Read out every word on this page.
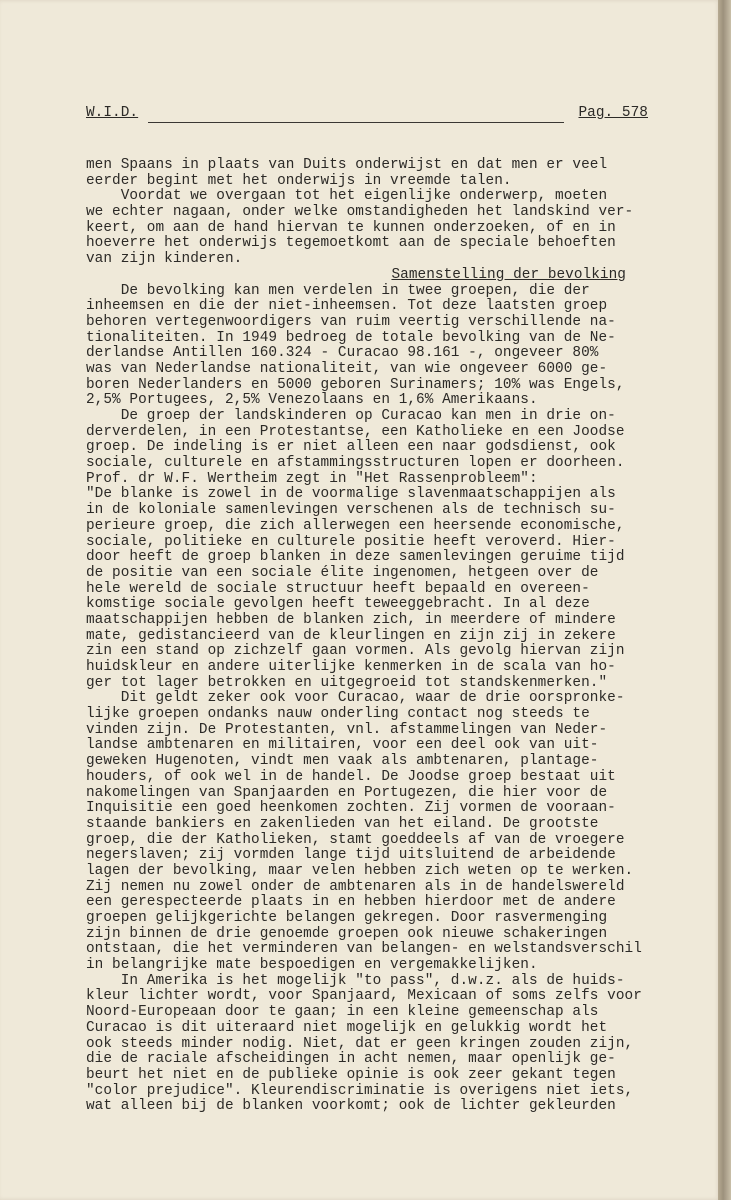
W.I.D.	Pag. 578
men Spaans in plaats van Duits onderwijst en dat men er veel
eerder begint met het onderwijs in vreemde talen.
Voordat we overgaan tot het eigenlijke onderwerp, moeten
we echter nagaan, onder welke omstandigheden het landskind ver-
keert, om aan de hand hiervan te kunnen onderzoeken, of en in
hoeverre het onderwijs tegemoetkomt aan de speciale behoeften
van zijn kinderen.
Samenstelling der bevolking
De bevolking kan men verdelen in twee groepen, die der
inheemsen en die der niet-inheemsen. Tot deze laatsten groep
behoren vertegenwoordigers van ruim veertig verschillende na-
tionaliteiten. In 1949 bedroeg de totale bevolking van de Ne-
derlandse Antillen 160.324 - Curacao 98.161 -, ongeveer 80%
was van Nederlandse nationaliteit, van wie ongeveer 6000 ge-
boren Nederlanders en 5000 geboren Surinamers; 10% was Engels,
2,5% Portugees, 2,5% Venezolaans en 1,6% Amerikaans.
De groep der landskinderen op Curacao kan men in drie on-
derverdelen, in een Protestantse, een Katholieke en een Joodse
groep. De indeling is er niet alleen een naar godsdienst, ook
sociale, culturele en afstammingsstructuren lopen er doorheen.
Prof. dr W.F. Wertheim zegt in "Het Rassenprobleem":
"De blanke is zowel in de voormalige slavenmaatschappijen als
in de koloniale samenlevingen verschenen als de technisch su-
perieure groep, die zich allerwegen een heersende economische,
sociale, politieke en culturele positie heeft veroverd. Hier-
door heeft de groep blanken in deze samenlevingen geruime tijd
de positie van een sociale élite ingenomen, hetgeen over de
hele wereld de sociale structuur heeft bepaald en overeen-
komstige sociale gevolgen heeft teweeggebracht. In al deze
maatschappijen hebben de blanken zich, in meerdere of mindere
mate, gedistancieerd van de kleurlingen en zijn zij in zekere
zin een stand op zichzelf gaan vormen. Als gevolg hiervan zijn
huidskleur en andere uiterlijke kenmerken in de scala van ho-
ger tot lager betrokken en uitgegroeid tot standskenmerken."
Dit geldt zeker ook voor Curacao, waar de drie oorspronke-
lijke groepen ondanks nauw onderling contact nog steeds te
vinden zijn. De Protestanten, vnl. afstammelingen van Neder-
landse ambtenaren en militairen, voor een deel ook van uit-
geweken Hugenoten, vindt men vaak als ambtenaren, plantage-
houders, of ook wel in de handel. De Joodse groep bestaat uit
nakomelingen van Spanjaarden en Portugezen, die hier voor de
Inquisitie een goed heenkomen zochten. Zij vormen de vooraan-
staande bankiers en zakenlieden van het eiland. De grootste
groep, die der Katholieken, stamt goeddeels af van de vroegere
negerslaven; zij vormden lange tijd uitsluitend de arbeidende
lagen der bevolking, maar velen hebben zich weten op te werken.
Zij nemen nu zowel onder de ambtenaren als in de handelswereld
een gerespecteerde plaats in en hebben hierdoor met de andere
groepen gelijkgerichte belangen gekregen. Door rasvermenging
zijn binnen de drie genoemde groepen ook nieuwe schakeringen
ontstaan, die het verminderen van belangen- en welstandsverschil
in belangrijke mate bespoedigen en vergemakkelijken.
In Amerika is het mogelijk "to pass", d.w.z. als de huids-
kleur lichter wordt, voor Spanjaard, Mexicaan of soms zelfs voor
Noord-Europeaan door te gaan; in een kleine gemeenschap als
Curacao is dit uiteraard niet mogelijk en gelukkig wordt het
ook steeds minder nodig. Niet, dat er geen kringen zouden zijn,
die de raciale afscheidingen in acht nemen, maar openlijk ge-
beurt het niet en de publieke opinie is ook zeer gekant tegen
"color prejudice". Kleurendiscriminatie is overigens niet iets,
wat alleen bij de blanken voorkomt; ook de lichter gekleurden
